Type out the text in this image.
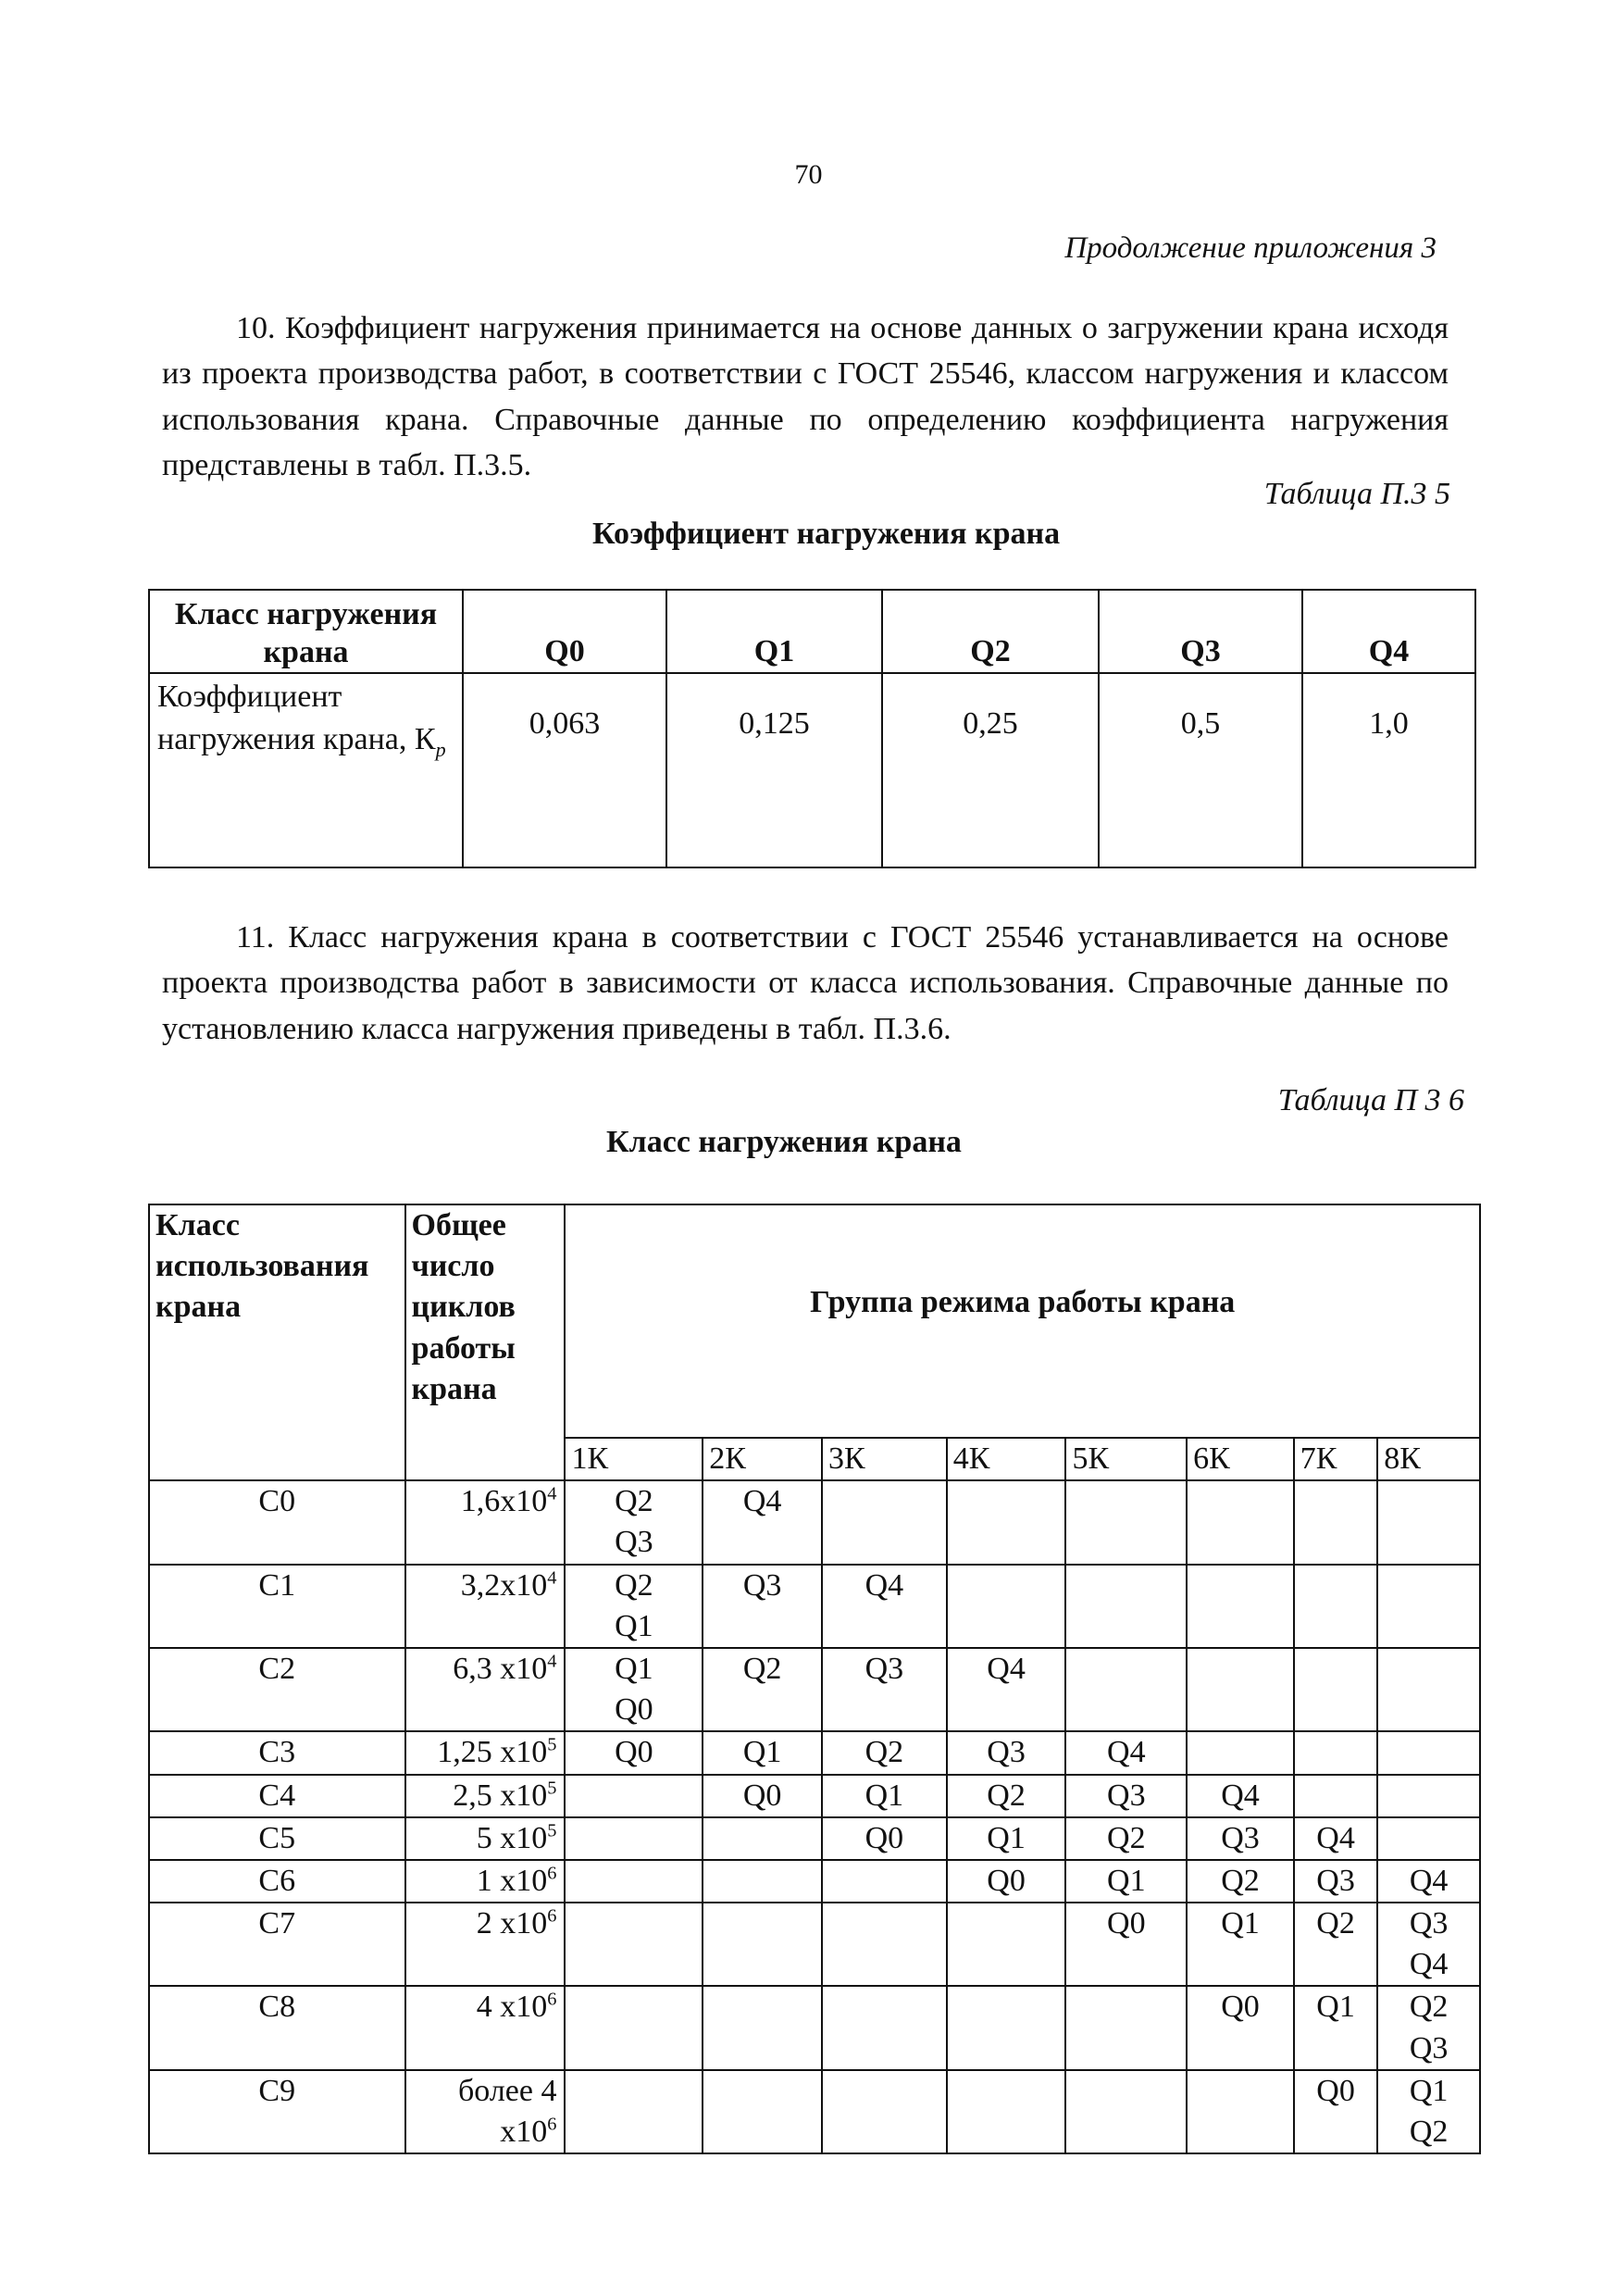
70
Продолжение приложения 3

10. Коэффициент нагружения принимается на основе данных о загружении крана исходя из проекта производства работ, в соответствии с ГОСТ 25546, классом нагружения и классом использования крана. Справочные данные по определению коэффициента нагружения представлены в табл. П.3.5.

Таблица П.3 5
Коэффициент нагружения крана
Класс нагружения крана	Q0	Q1	Q2	Q3	Q4
Коэффициент нагружения крана, $К_р$	0,063	0,125	0,25	0,5	1,0

11. Класс нагружения крана в соответствии с ГОСТ 25546 устанавливается на основе проекта производства работ в зависимости от класса использования. Справочные данные по установлению класса нагружения приведены в табл. П.3.6.

Таблица П 3 6
Класс нагружения крана
Класс использования крана	Общее число циклов работы крана	Группа режима работы крана							
		1К	2К	3К	4К	5К	6К	7К	8К
С0	$1,6х10^4$	Q2 Q3	Q4						
С1	$3,2х10^4$	Q2 Q1	Q3	Q4					
С2	6,3 $х10^4$	Q1 Q0	Q2	Q3	Q4				
С3	1,25 $х10^5$	Q0	Q1	Q2	Q3	Q4			
С4	2,5 $х10^5$		Q0	Q1	Q2	Q3	Q4		
С5	5 $х10^5$			Q0	Q1	Q2	Q3	Q4	
С6	1 $х10^6$				Q0	Q1	Q2	Q3	Q4
С7	2 $х10^6$					Q0	Q1	Q2	Q3 Q4
С8	4 $х10^6$						Q0	Q1	Q2 Q3
С9	более 4 $х10^6$							Q0	Q1 Q2
